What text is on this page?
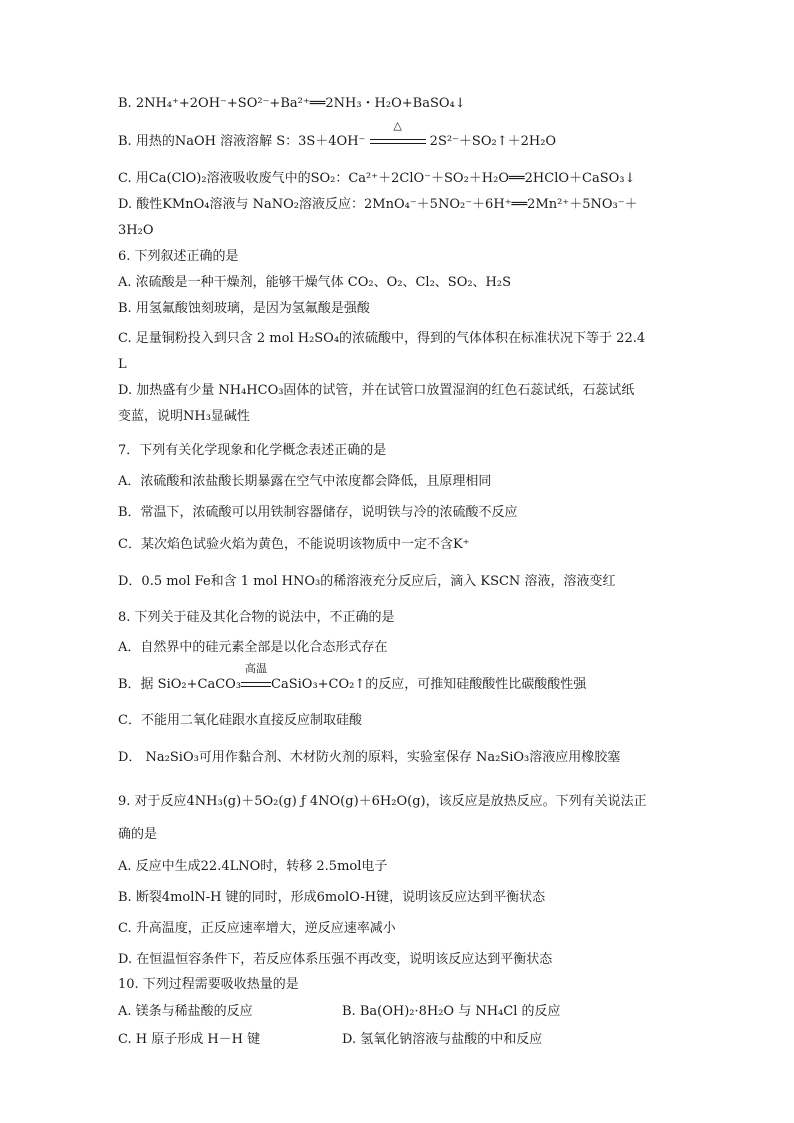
B. 2NH₄⁺+2OH⁻+SO²⁻+Ba²⁺══2NH₃・H₂O+BaSO₄↓
B. 用热的NaOH 溶液溶解 S：3S＋4OH⁻
△
2S²⁻＋SO₂↑＋2H₂O
C. 用Ca(ClO)₂溶液吸收废气中的SO₂：Ca²⁺＋2ClO⁻＋SO₂＋H₂O══2HClO＋CaSO₃↓
D. 酸性KMnO₄溶液与 NaNO₂溶液反应：2MnO₄⁻＋5NO₂⁻＋6H⁺══2Mn²⁺＋5NO₃⁻＋
3H₂O
6. 下列叙述正确的是
A. 浓硫酸是一种干燥剂，能够干燥气体 CO₂、O₂、Cl₂、SO₂、H₂S
B. 用氢氟酸蚀刻玻璃，是因为氢氟酸是强酸
C. 足量铜粉投入到只含 2 mol H₂SO₄的浓硫酸中，得到的气体体积在标准状况下等于 22.4
L
D. 加热盛有少量 NH₄HCO₃固体的试管，并在试管口放置湿润的红色石蕊试纸，石蕊试纸
变蓝，说明NH₃显碱性
7．下列有关化学现象和化学概念表述正确的是
A．浓硫酸和浓盐酸长期暴露在空气中浓度都会降低，且原理相同
B．常温下，浓硫酸可以用铁制容器储存，说明铁与冷的浓硫酸不反应
C．某次焰色试验火焰为黄色，不能说明该物质中一定不含K⁺
D．0.5 mol Fe和含 1 mol HNO₃的稀溶液充分反应后，滴入 KSCN 溶液，溶液变红
8. 下列关于硅及其化合物的说法中，不正确的是
A．自然界中的硅元素全部是以化合态形式存在
B．据 SiO₂+CaCO₃
高温
CaSiO₃+CO₂↑的反应，可推知硅酸酸性比碳酸酸性强
C．不能用二氧化硅跟水直接反应制取硅酸
D． Na₂SiO₃可用作黏合剂、木材防火剂的原料，实验室保存 Na₂SiO₃溶液应用橡胶塞
9. 对于反应4NH₃(g)＋5O₂(g) ƒ 4NO(g)＋6H₂O(g)，该反应是放热反应。下列有关说法正
确的是
A. 反应中生成22.4LNO时，转移 2.5mol电子
B. 断裂4molN-H 键的同时，形成6molO-H键，说明该反应达到平衡状态
C. 升高温度，正反应速率增大，逆反应速率减小
D. 在恒温恒容条件下，若反应体系压强不再改变，说明该反应达到平衡状态
10. 下列过程需要吸收热量的是
A. 镁条与稀盐酸的反应	B. Ba(OH)₂·8H₂O 与 NH₄Cl 的反应
C. H 原子形成 H－H 键	D. 氢氧化钠溶液与盐酸的中和反应
